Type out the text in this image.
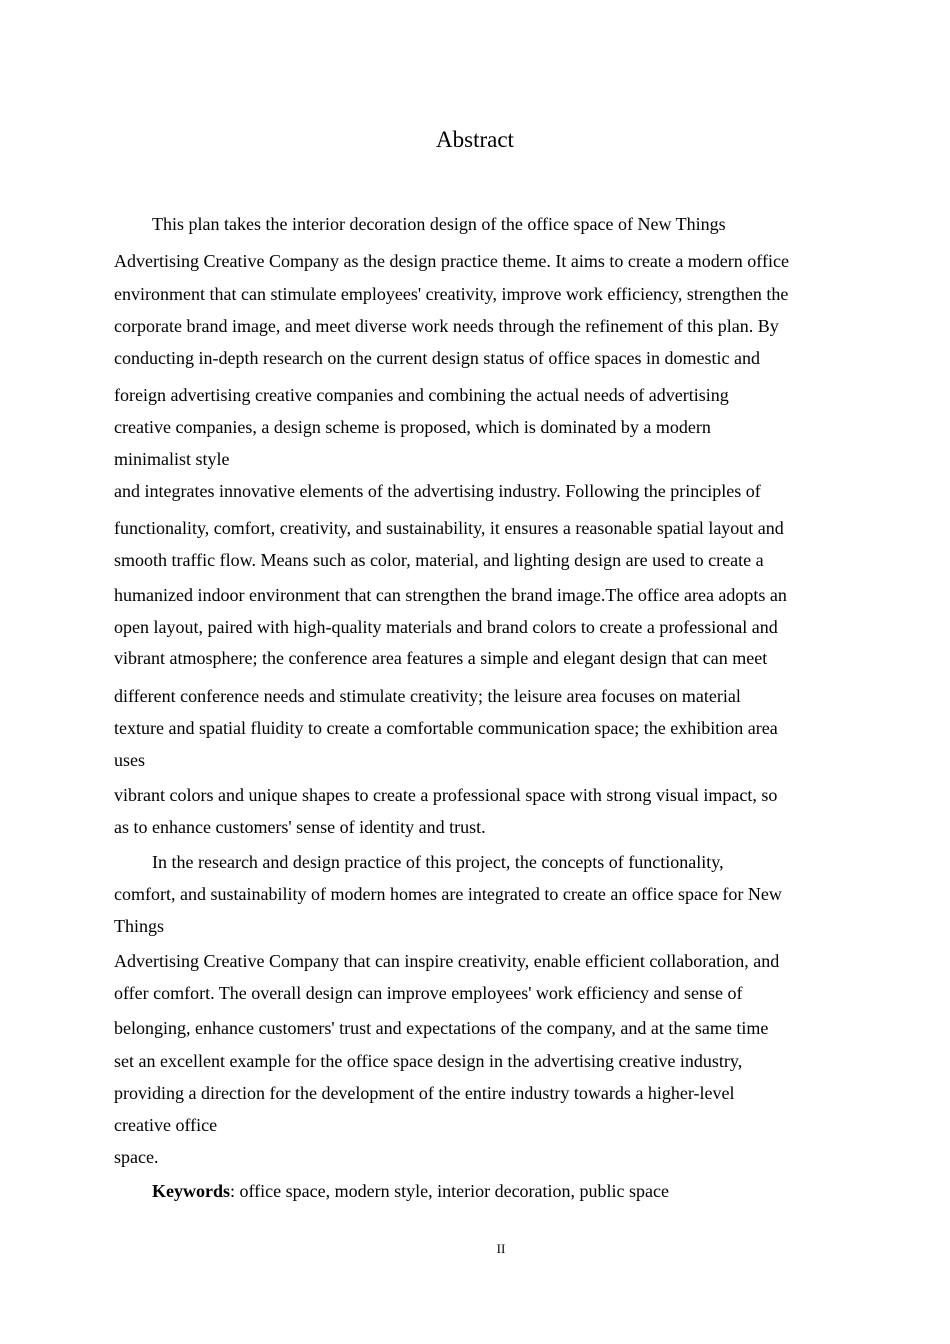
Abstract
This plan takes the interior decoration design of the office space of New Things
Advertising Creative Company as the design practice theme. It aims to create a modern office
environment that can stimulate employees' creativity, improve work efficiency, strengthen the
corporate brand image, and meet diverse work needs through the refinement of this plan. By
conducting in-depth research on the current design status of office spaces in domestic and
foreign advertising creative companies and combining the actual needs of advertising
creative companies, a design scheme is proposed, which is dominated by a modern
minimalist style
and integrates innovative elements of the advertising industry. Following the principles of
functionality, comfort, creativity, and sustainability, it ensures a reasonable spatial layout and
smooth traffic flow. Means such as color, material, and lighting design are used to create a
humanized indoor environment that can strengthen the brand image.The office area adopts an
open layout, paired with high-quality materials and brand colors to create a professional and
vibrant atmosphere; the conference area features a simple and elegant design that can meet
different conference needs and stimulate creativity; the leisure area focuses on material
texture and spatial fluidity to create a comfortable communication space; the exhibition area
uses
vibrant colors and unique shapes to create a professional space with strong visual impact, so
as to enhance customers' sense of identity and trust.
In the research and design practice of this project, the concepts of functionality,
comfort, and sustainability of modern homes are integrated to create an office space for New
Things
Advertising Creative Company that can inspire creativity, enable efficient collaboration, and
offer comfort. The overall design can improve employees' work efficiency and sense of
belonging, enhance customers' trust and expectations of the company, and at the same time
set an excellent example for the office space design in the advertising creative industry,
providing a direction for the development of the entire industry towards a higher-level
creative office
space.
Keywords: office space, modern style, interior decoration, public space
II
